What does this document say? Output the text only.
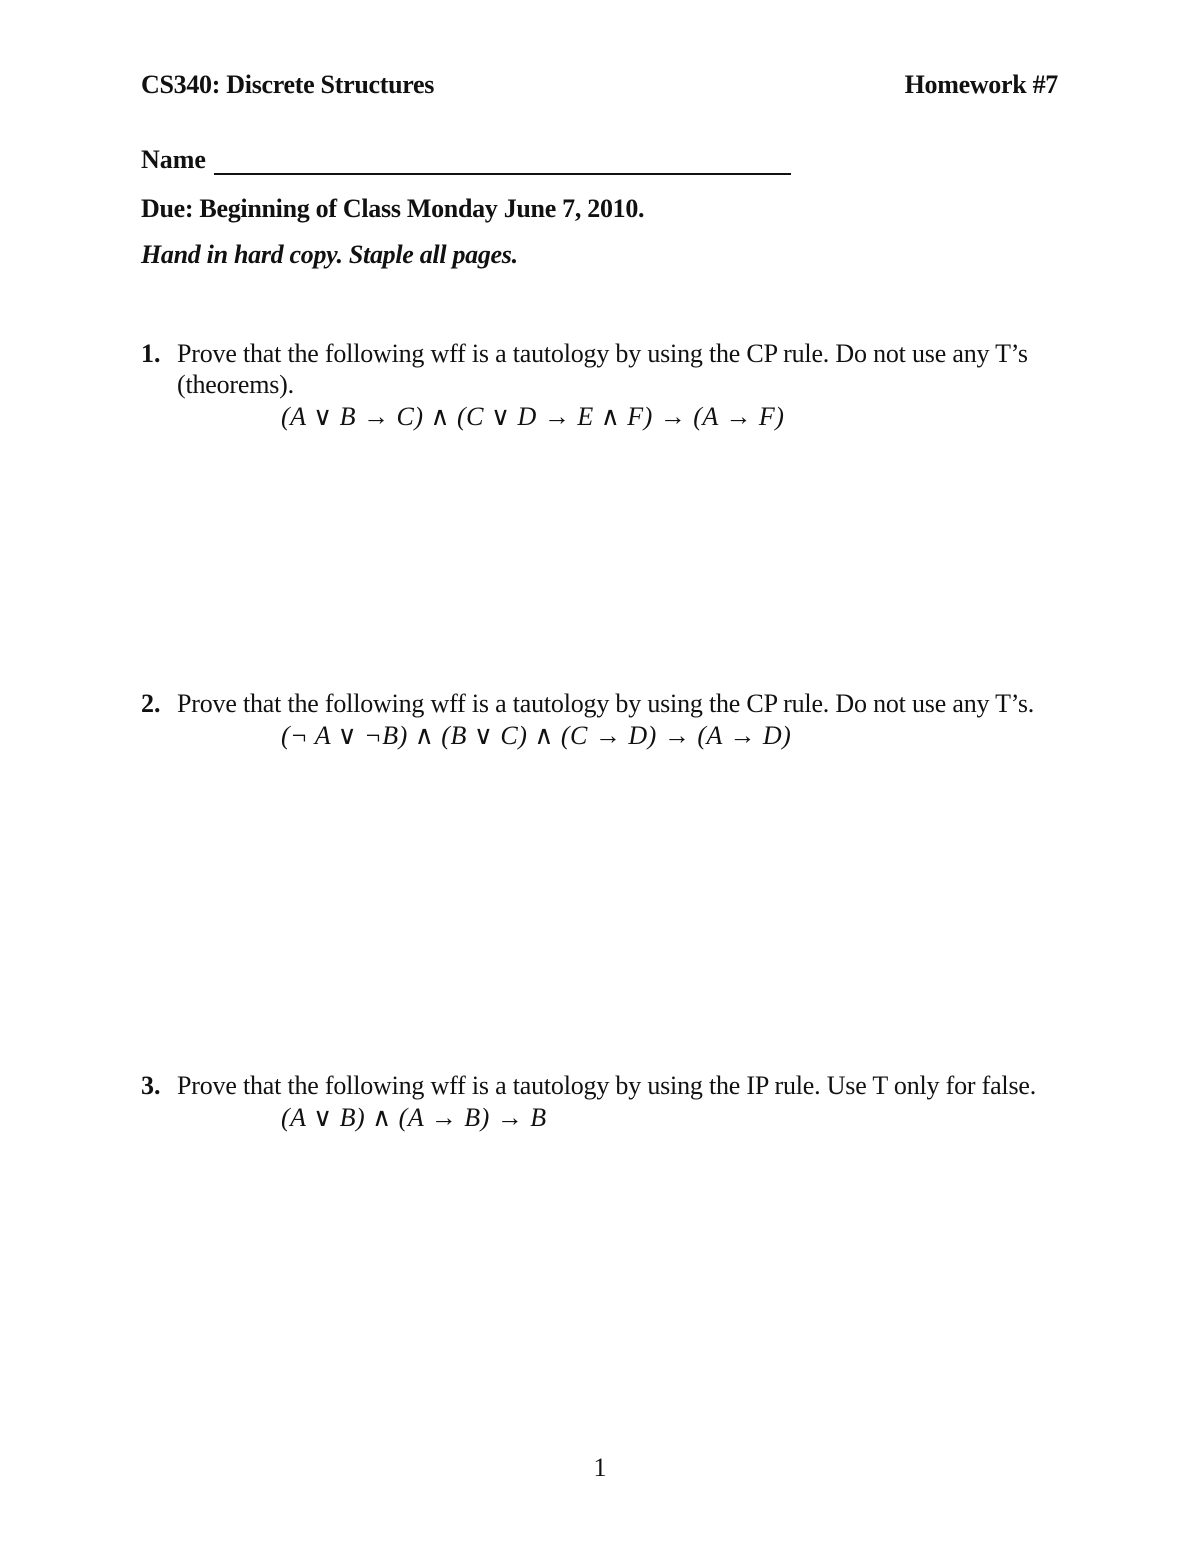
CS340: Discrete Structures	Homework #7
Name
Due: Beginning of Class Monday June 7, 2010.
Hand in hard copy. Staple all pages.
1. Prove that the following wff is a tautology by using the CP rule. Do not use any T’s (theorems).
(A ∨ B → C) ∧ (C ∨ D → E ∧ F) → (A → F)
2. Prove that the following wff is a tautology by using the CP rule. Do not use any T’s.
(¬ A ∨ ¬B) ∧ (B ∨ C) ∧ (C → D) → (A → D)
3. Prove that the following wff is a tautology by using the IP rule. Use T only for false.
(A ∨ B) ∧ (A → B) → B
1
